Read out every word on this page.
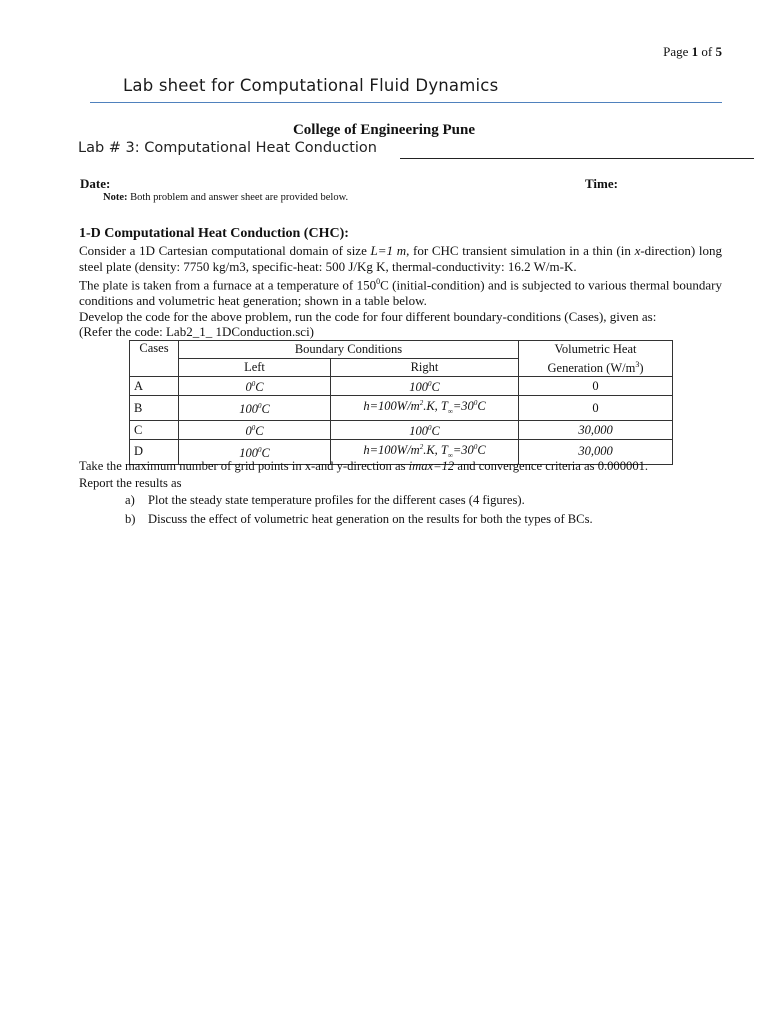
Page 1 of 5
Lab sheet for Computational Fluid Dynamics
College of Engineering Pune
Lab # 3: Computational Heat Conduction
Date:	Time:
Note: Both problem and answer sheet are provided below.
1-D Computational Heat Conduction (CHC):

Consider a 1D Cartesian computational domain of size L=1 m, for CHC transient simulation in a thin (in x-direction) long steel plate (density: 7750 kg/m3, specific-heat: 500 J/Kg K, thermal-conductivity: 16.2 W/m-K.

The plate is taken from a furnace at a temperature of $150^0C$ (initial-condition) and is subjected to various thermal boundary conditions and volumetric heat generation; shown in a table below.

Develop the code for the above problem, run the code for four different boundary-conditions (Cases), given as:

(Refer the code: Lab2_1_ 1DConduction.sci)

Cases	Boundary Conditions		Volumetric Heat
Generation $(W/m^3)$
	Left	Right	
A	$0^0C$	$100^0C$	0
B	$100^0C$	$h=100W/m^2.K$, $T_\infty=30^0C$	0
C	$0^0C$	$100^0C$	30,000
D	$100^0C$	$h=100W/m^2.K$, $T_\infty=30^0C$	30,000

Take the maximum number of grid points in x-and y-direction as imax=12 and convergence criteria as 0.000001.

Report the results as

a)	Plot the steady state temperature profiles for the different cases (4 figures).
b) Discuss the effect of volumetric heat generation on the results for both the types of BCs.
